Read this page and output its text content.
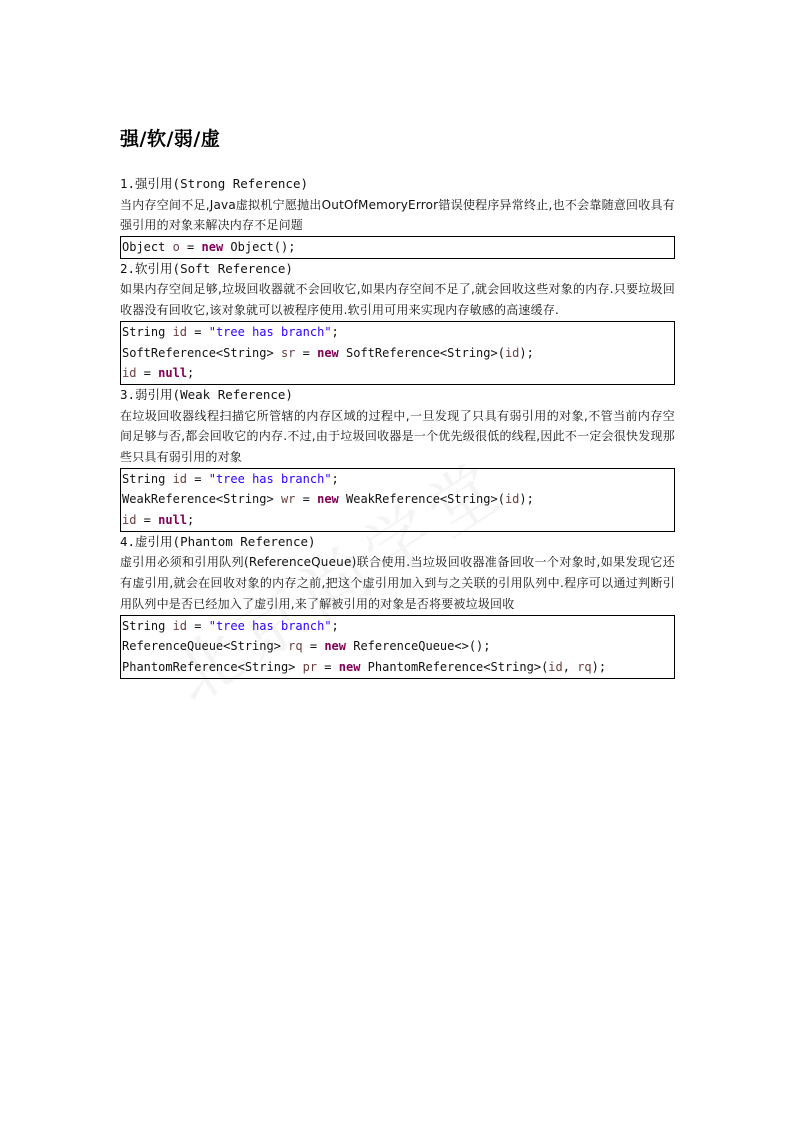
强/软/弱/虚
1.强引用(Strong Reference)
当内存空间不足,Java虚拟机宁愿抛出OutOfMemoryError错误使程序异常终止,也不会靠随意回收具有强引用的对象来解决内存不足问题
Object o = new Object();
2.软引用(Soft Reference)
如果内存空间足够,垃圾回收器就不会回收它,如果内存空间不足了,就会回收这些对象的内存.只要垃圾回收器没有回收它,该对象就可以被程序使用.软引用可用来实现内存敏感的高速缓存.
String id = "tree has branch";
SoftReference<String> sr = new SoftReference<String>(id);
id = null;
3.弱引用(Weak Reference)
在垃圾回收器线程扫描它所管辖的内存区域的过程中,一旦发现了只具有弱引用的对象,不管当前内存空间足够与否,都会回收它的内存.不过,由于垃圾回收器是一个优先级很低的线程,因此不一定会很快发现那些只具有弱引用的对象
String id = "tree has branch";
WeakReference<String> wr = new WeakReference<String>(id);
id = null;
4.虚引用(Phantom Reference)
虚引用必须和引用队列(ReferenceQueue)联合使用.当垃圾回收器准备回收一个对象时,如果发现它还有虚引用,就会在回收对象的内存之前,把这个虚引用加入到与之关联的引用队列中.程序可以通过判断引用队列中是否已经加入了虚引用,来了解被引用的对象是否将要被垃圾回收
String id = "tree has branch";
ReferenceQueue<String> rq = new ReferenceQueue<>();
PhantomReference<String> pr = new PhantomReference<String>(id, rq);
